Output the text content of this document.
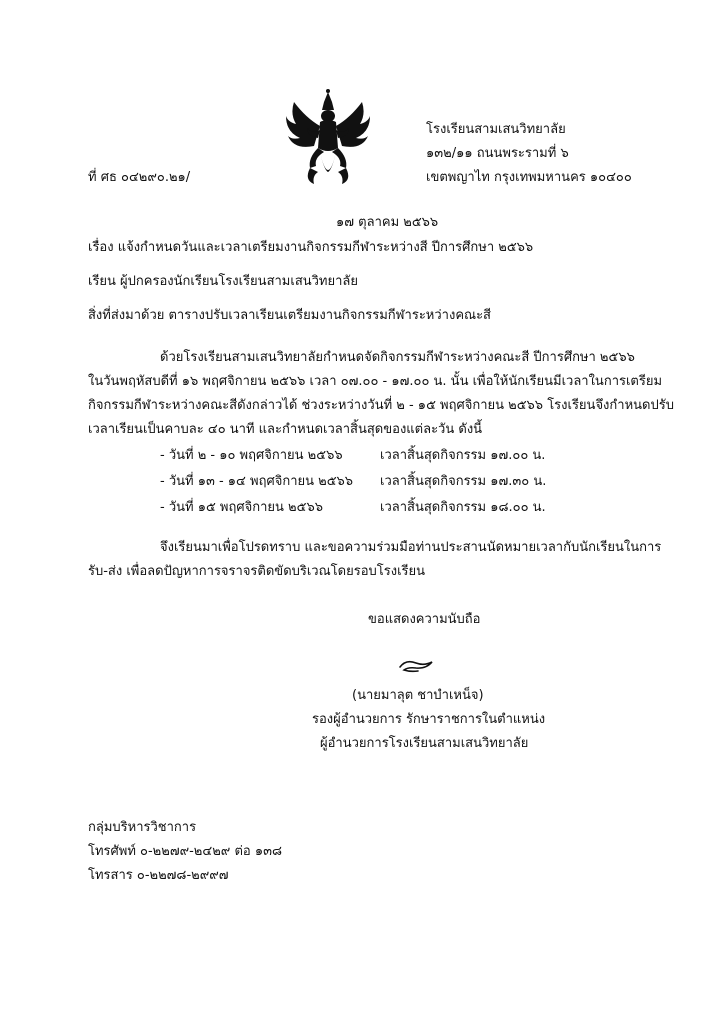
ที่ ศธ ๐๔๒๙๐.๒๑/
โรงเรียนสามเสนวิทยาลัย
๑๓๒/๑๑ ถนนพระรามที่ ๖
เขตพญาไท กรุงเทพมหานคร ๑๐๔๐๐
๑๗ ตุลาคม ๒๕๖๖
เรื่อง แจ้งกำหนดวันและเวลาเตรียมงานกิจกรรมกีฬาระหว่างสี ปีการศึกษา ๒๕๖๖
เรียน ผู้ปกครองนักเรียนโรงเรียนสามเสนวิทยาลัย
สิ่งที่ส่งมาด้วย ตารางปรับเวลาเรียนเตรียมงานกิจกรรมกีฬาระหว่างคณะสี
ด้วยโรงเรียนสามเสนวิทยาลัยกำหนดจัดกิจกรรมกีฬาระหว่างคณะสี ปีการศึกษา ๒๕๖๖
ในวันพฤหัสบดีที่ ๑๖ พฤศจิกายน ๒๕๖๖ เวลา ๐๗.๐๐ - ๑๗.๐๐ น. นั้น เพื่อให้นักเรียนมีเวลาในการเตรียม
กิจกรรมกีฬาระหว่างคณะสีดังกล่าวได้ ช่วงระหว่างวันที่ ๒ - ๑๕ พฤศจิกายน ๒๕๖๖ โรงเรียนจึงกำหนดปรับ
เวลาเรียนเป็นคาบละ ๔๐ นาที และกำหนดเวลาสิ้นสุดของแต่ละวัน ดังนี้
- วันที่ ๒ - ๑๐ พฤศจิกายน ๒๕๖๖	เวลาสิ้นสุดกิจกรรม ๑๗.๐๐ น.
- วันที่ ๑๓ - ๑๔ พฤศจิกายน ๒๕๖๖ เวลาสิ้นสุดกิจกรรม ๑๗.๓๐ น.
- วันที่ ๑๕ พฤศจิกายน ๒๕๖๖	เวลาสิ้นสุดกิจกรรม ๑๘.๐๐ น.
จึงเรียนมาเพื่อโปรดทราบ และขอความร่วมมือท่านประสานนัดหมายเวลากับนักเรียนในการ
รับ-ส่ง เพื่อลดปัญหาการจราจรติดขัดบริเวณโดยรอบโรงเรียน
ขอแสดงความนับถือ
(นายมาลุต ชาบำเหน็จ)
รองผู้อำนวยการ รักษาราชการในตำแหน่ง
ผู้อำนวยการโรงเรียนสามเสนวิทยาลัย
กลุ่มบริหารวิชาการ
โทรศัพท์ ๐-๒๒๗๙-๒๔๒๙ ต่อ ๑๓๘
โทรสาร ๐-๒๒๗๘-๒๙๙๗
